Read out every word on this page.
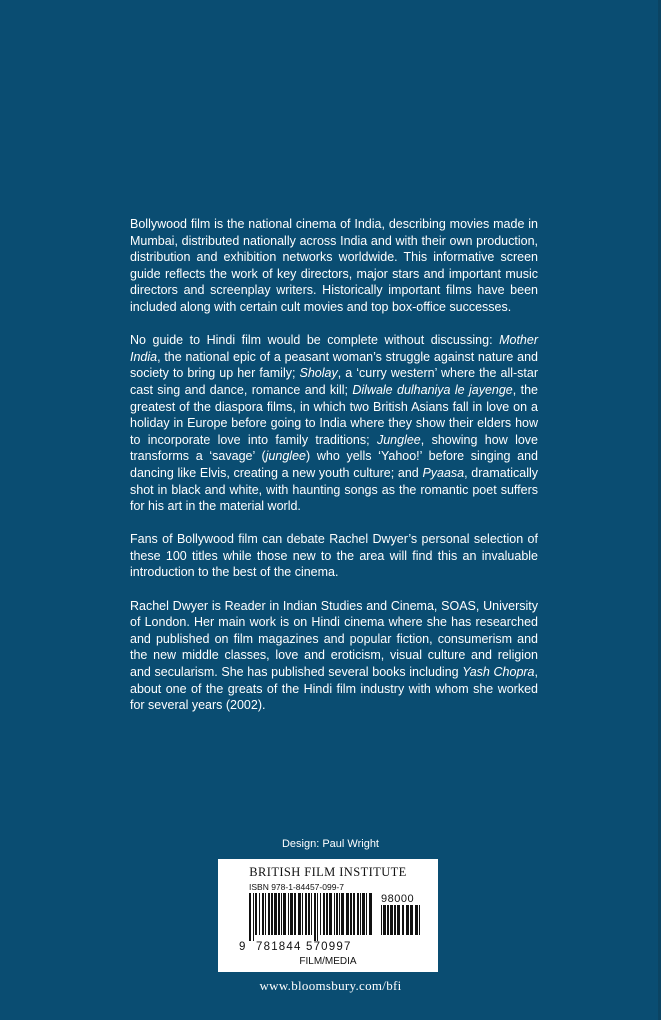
Bollywood film is the national cinema of India, describing movies made in Mumbai, distributed nationally across India and with their own production, distribution and exhibition networks worldwide. This informative screen guide reflects the work of key directors, major stars and important music directors and screenplay writers. Historically important films have been included along with certain cult movies and top box-office successes.

No guide to Hindi film would be complete without discussing: Mother India, the national epic of a peasant woman’s struggle against nature and society to bring up her family; Sholay, a ‘curry western’ where the all-star cast sing and dance, romance and kill; Dilwale dulhaniya le jayenge, the greatest of the diaspora films, in which two British Asians fall in love on a holiday in Europe before going to India where they show their elders how to incorporate love into family traditions; Junglee, showing how love transforms a ‘savage’ (junglee) who yells ‘Yahoo!’ before singing and dancing like Elvis, creating a new youth culture; and Pyaasa, dramatically shot in black and white, with haunting songs as the romantic poet suffers for his art in the material world.

Fans of Bollywood film can debate Rachel Dwyer’s personal selection of these 100 titles while those new to the area will find this an invaluable introduction to the best of the cinema.

Rachel Dwyer is Reader in Indian Studies and Cinema, SOAS, University of London. Her main work is on Hindi cinema where she has researched and published on film magazines and popular fiction, consumerism and the new middle classes, love and eroticism, visual culture and religion and secularism. She has published several books including Yash Chopra, about one of the greats of the Hindi film industry with whom she worked for several years (2002).

Design: Paul Wright
BRITISH FILM INSTITUTE
ISBN 978-1-84457-099-7
98000
9 781844 570997
FILM/MEDIA
www.bloomsbury.com/bfi
